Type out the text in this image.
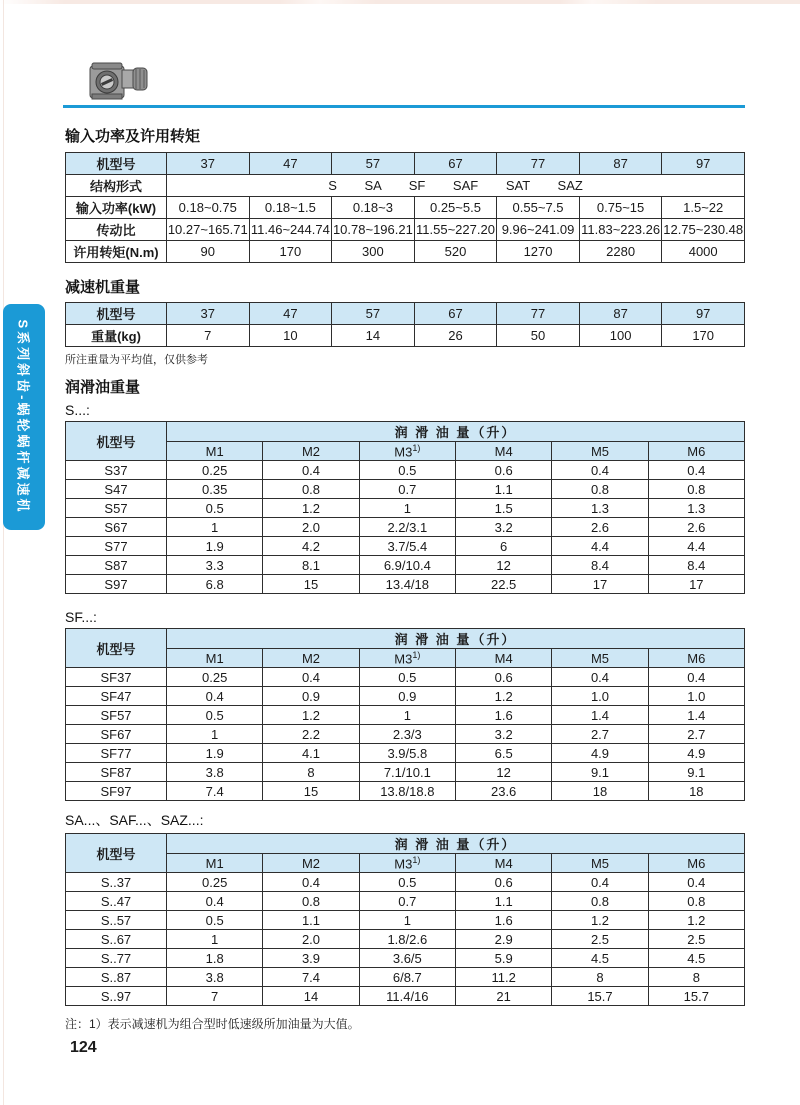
S系列斜齿-蜗轮蜗杆减速机
输入功率及许用转矩
机型号	37	47	57	67	77	87	97
结构形式	S SA SF SAF SAT SAZ						
输入功率(kW)	0.18~0.75	0.18~1.5	0.18~3	0.25~5.5	0.55~7.5	0.75~15	1.5~22
传动比	10.27~165.71	11.46~244.74	10.78~196.21	11.55~227.20	9.96~241.09	11.83~223.26	12.75~230.48
许用转矩(N.m)	90	170	300	520	1270	2280	4000
减速机重量
机型号	37	47	57	67	77	87	97
重量(kg)	7	10	14	26	50	100	170
所注重量为平均值，仅供参考
润滑油重量
S...:
机型号	润 滑 油 量（升）					
	M1	M2	M3$^{1)}$	M4	M5	M6
S37	0.25	0.4	0.5	0.6	0.4	0.4
S47	0.35	0.8	0.7	1.1	0.8	0.8
S57	0.5	1.2	1	1.5	1.3	1.3
S67	1	2.0	2.2/3.1	3.2	2.6	2.6
S77	1.9	4.2	3.7/5.4	6	4.4	4.4
S87	3.3	8.1	6.9/10.4	12	8.4	8.4
S97	6.8	15	13.4/18	22.5	17	17
SF...:
机型号	润 滑 油 量（升）					
	M1	M2	M3$^{1)}$	M4	M5	M6
SF37	0.25	0.4	0.5	0.6	0.4	0.4
SF47	0.4	0.9	0.9	1.2	1.0	1.0
SF57	0.5	1.2	1	1.6	1.4	1.4
SF67	1	2.2	2.3/3	3.2	2.7	2.7
SF77	1.9	4.1	3.9/5.8	6.5	4.9	4.9
SF87	3.8	8	7.1/10.1	12	9.1	9.1
SF97	7.4	15	13.8/18.8	23.6	18	18
SA...、SAF...、SAZ...:
机型号	润 滑 油 量（升）					
	M1	M2	M3$^{1)}$	M4	M5	M6
S..37	0.25	0.4	0.5	0.6	0.4	0.4
S..47	0.4	0.8	0.7	1.1	0.8	0.8
S..57	0.5	1.1	1	1.6	1.2	1.2
S..67	1	2.0	1.8/2.6	2.9	2.5	2.5
S..77	1.8	3.9	3.6/5	5.9	4.5	4.5
S..87	3.8	7.4	6/8.7	11.2	8	8
S..97	7	14	11.4/16	21	15.7	15.7
注：1）表示减速机为组合型时低速级所加油量为大值。
124
